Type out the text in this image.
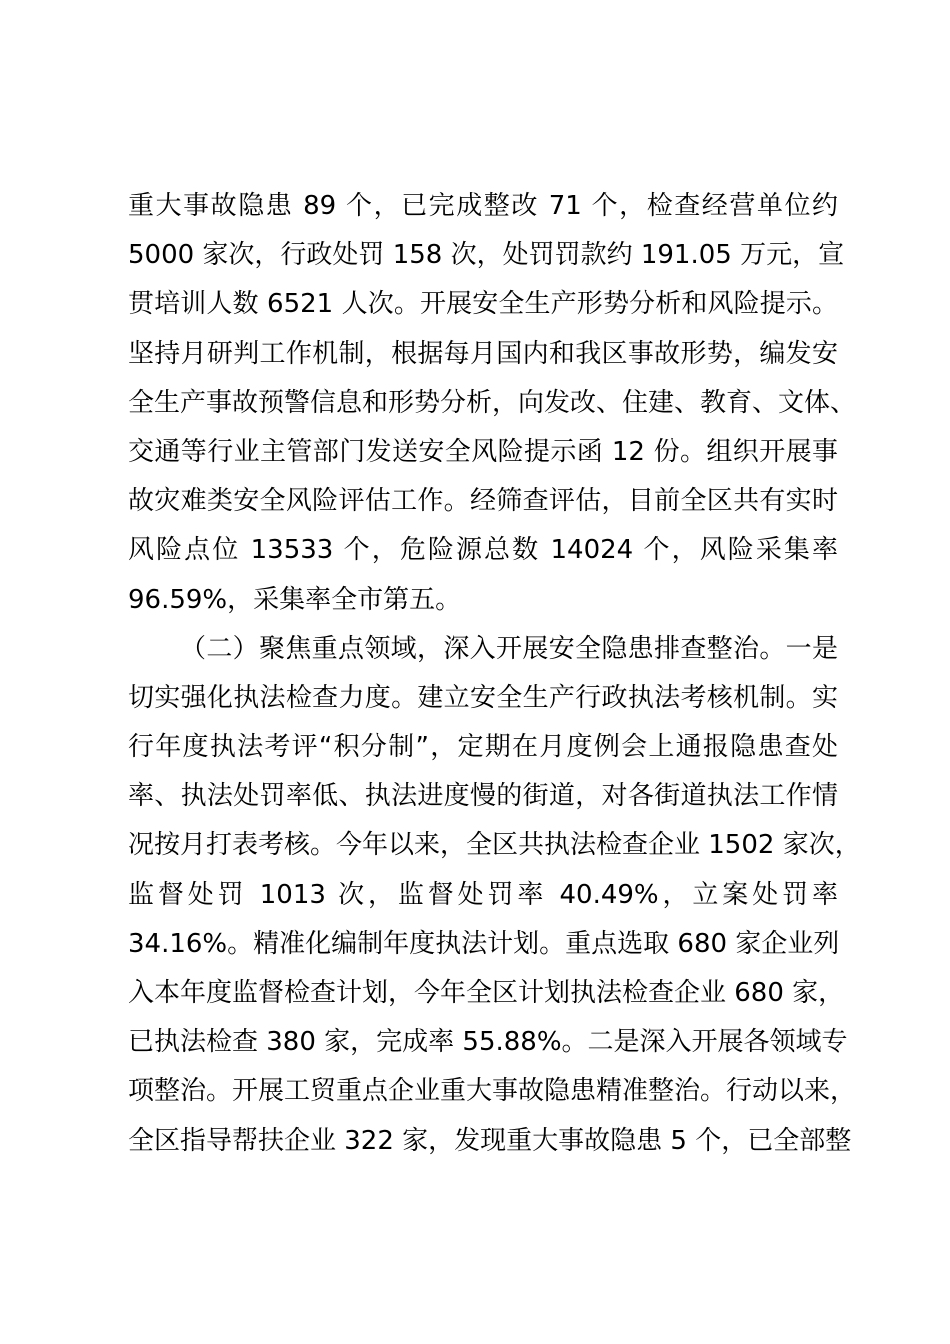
重大事故隐患 89 个，已完成整改 71 个，检查经营单位约
5000 家次，行政处罚 158 次，处罚罚款约 191.05 万元，宣
贯培训人数 6521 人次。开展安全生产形势分析和风险提示。
坚持月研判工作机制，根据每月国内和我区事故形势，编发安
全生产事故预警信息和形势分析，向发改、住建、教育、文体、
交通等行业主管部门发送安全风险提示函 12 份。组织开展事
故灾难类安全风险评估工作。经筛查评估，目前全区共有实时
风险点位 13533 个，危险源总数 14024 个，风险采集率
96.59%，采集率全市第五。
（二）聚焦重点领域，深入开展安全隐患排查整治。一是
切实强化执法检查力度。建立安全生产行政执法考核机制。实
行年度执法考评“积分制”，定期在月度例会上通报隐患查处
率、执法处罚率低、执法进度慢的街道，对各街道执法工作情
况按月打表考核。今年以来，全区共执法检查企业 1502 家次，
监督处罚 1013 次，监督处罚率 40.49%，立案处罚率
34.16%。精准化编制年度执法计划。重点选取 680 家企业列
入本年度监督检查计划，今年全区计划执法检查企业 680 家，
已执法检查 380 家，完成率 55.88%。二是深入开展各领域专
项整治。开展工贸重点企业重大事故隐患精准整治。行动以来，
全区指导帮扶企业 322 家，发现重大事故隐患 5 个，已全部整
